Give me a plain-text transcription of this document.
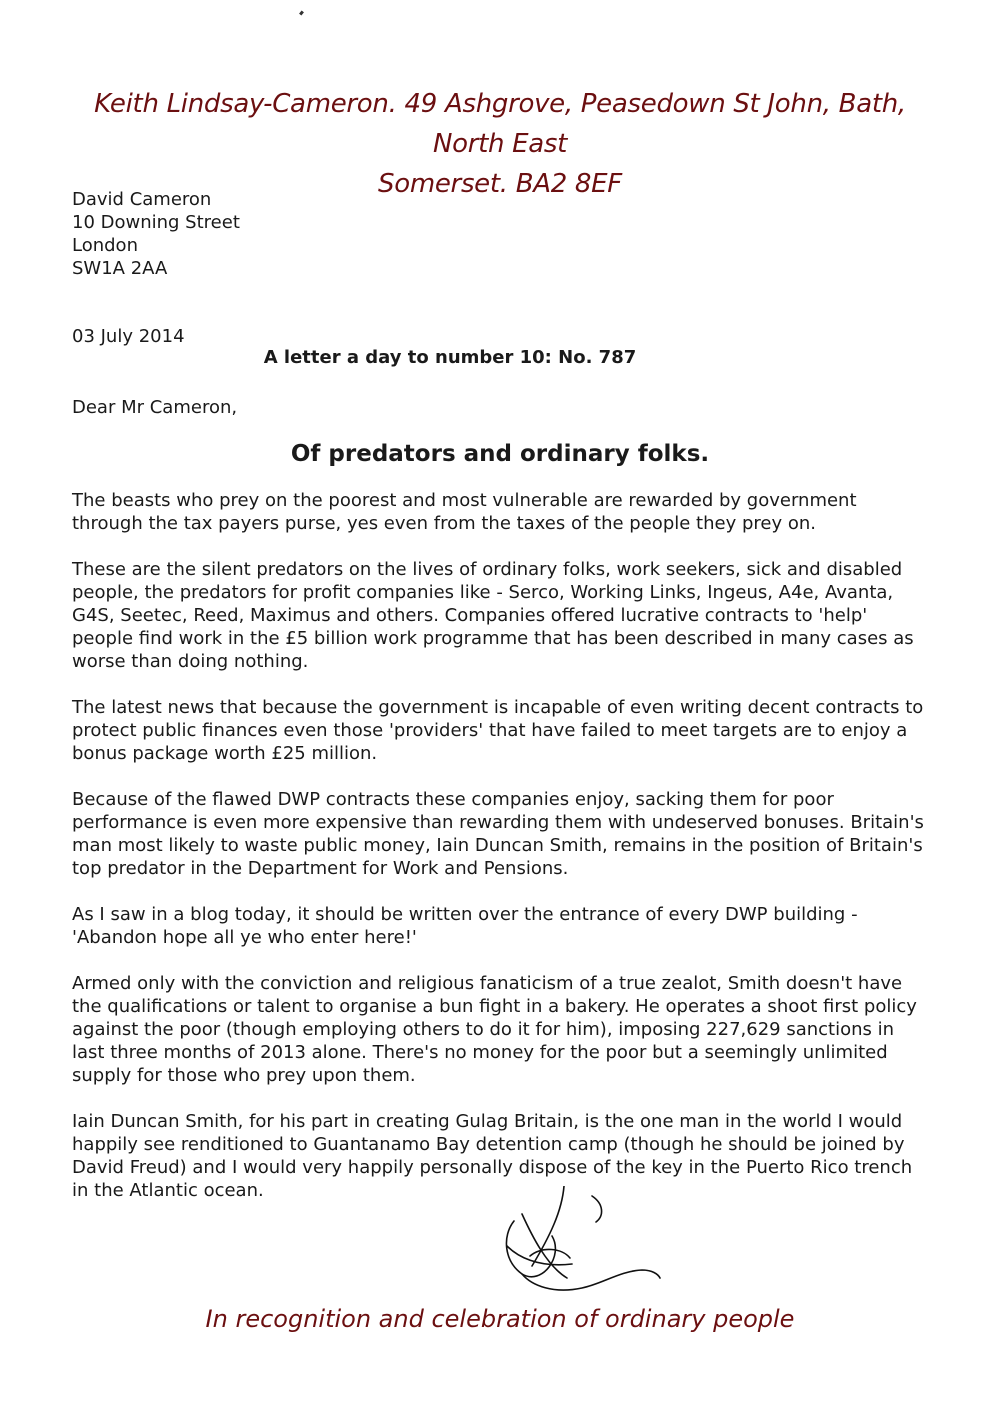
Keith Lindsay-Cameron. 49 Ashgrove, Peasedown St John, Bath, North East
Somerset. BA2 8EF
David Cameron
10 Downing Street
London
SW1A 2AA
03 July 2014
A letter a day to number 10: No. 787
Dear Mr Cameron,
Of predators and ordinary folks.

The beasts who prey on the poorest and most vulnerable are rewarded by government through the tax payers purse, yes even from the taxes of the people they prey on.

These are the silent predators on the lives of ordinary folks, work seekers, sick and disabled people, the predators for profit companies like - Serco, Working Links, Ingeus, A4e, Avanta, G4S, Seetec, Reed, Maximus and others. Companies offered lucrative contracts to 'help' people find work in the £5 billion work programme that has been described in many cases as worse than doing nothing.

The latest news that because the government is incapable of even writing decent contracts to protect public finances even those 'providers' that have failed to meet targets are to enjoy a bonus package worth £25 million.

Because of the flawed DWP contracts these companies enjoy, sacking them for poor performance is even more expensive than rewarding them with undeserved bonuses. Britain's man most likely to waste public money, Iain Duncan Smith, remains in the position of Britain's top predator in the Department for Work and Pensions.

As I saw in a blog today, it should be written over the entrance of every DWP building - 'Abandon hope all ye who enter here!'

Armed only with the conviction and religious fanaticism of a true zealot, Smith doesn't have the qualifications or talent to organise a bun fight in a bakery. He operates a shoot first policy against the poor (though employing others to do it for him), imposing 227,629 sanctions in last three months of 2013 alone. There's no money for the poor but a seemingly unlimited supply for those who prey upon them.

Iain Duncan Smith, for his part in creating Gulag Britain, is the one man in the world I would happily see renditioned to Guantanamo Bay detention camp (though he should be joined by David Freud) and I would very happily personally dispose of the key in the Puerto Rico trench in the Atlantic ocean.

In recognition and celebration of ordinary people
